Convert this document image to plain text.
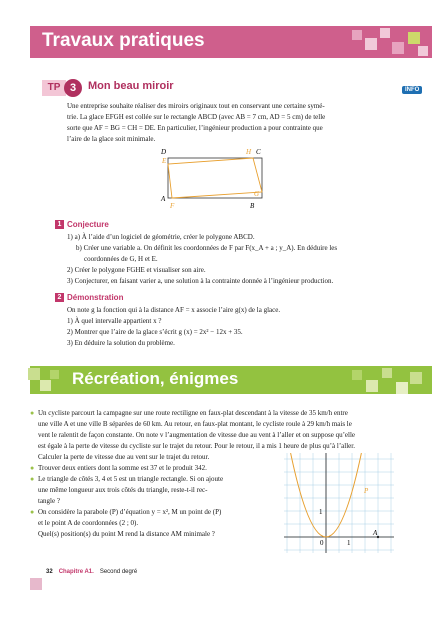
Travaux pratiques
TP 3	Mon beau miroir	INFO
Une entreprise souhaite réaliser des miroirs originaux tout en conservant une certaine symé-
trie. La glace EFGH est collée sur le rectangle ABCD (avec AB = 7 cm, AD = 5 cm) de telle
sorte que AF = BG = CH = DE. En particulier, l’ingénieur production a pour contrainte que
l’aire de la glace soit minimale.
D	H C
E
A
F
G
B
1 Conjecture
1) a) À l’aide d’un logiciel de géométrie, créer le polygone ABCD.
b) Créer une variable a. On définit les coordonnées de F par F(x_A + a ; y_A). En déduire les
coordonnées de G, H et E.
2) Créer le polygone FGHE et visualiser son aire.
3) Conjecturer, en faisant varier a, une solution à la contrainte donnée à l’ingénieur production.
2 Démonstration
On note g la fonction qui à la distance AF = x associe l’aire g(x) de la glace.
1) À quel intervalle appartient x ?
2) Montrer que l’aire de la glace s’écrit g (x) = 2x² − 12x + 35.
3) En déduire la solution du problème.
Récréation, énigmes
● Un cycliste parcourt la campagne sur une route rectiligne en faux-plat descendant à la vitesse de 35 km/h entre
une ville A et une ville B séparées de 60 km. Au retour, en faux-plat montant, le cycliste roule à 29 km/h mais le
vent le ralentit de façon constante. On note v l’augmentation de vitesse due au vent à l’aller et on suppose qu’elle
est égale à la perte de vitesse du cycliste sur le trajet du retour. Pour le retour, il a mis 1 heure de plus qu’à l’aller.
Calculer la perte de vitesse due au vent sur le trajet du retour.
● Trouver deux entiers dont la somme est 37 et le produit 342.
● Le triangle de côtés 3, 4 et 5 est un triangle rectangle. Si on ajoute
une même longueur aux trois côtés du triangle, reste-t-il rec-
tangle ?
● On considère la parabole (P) d’équation y = x², M un point de (P)
et le point A de coordonnées (2 ; 0).
Quel(s) position(s) du point M rend la distance AM minimale ?
P
A
1
0	1
32 Chapitre A1. Second degré
